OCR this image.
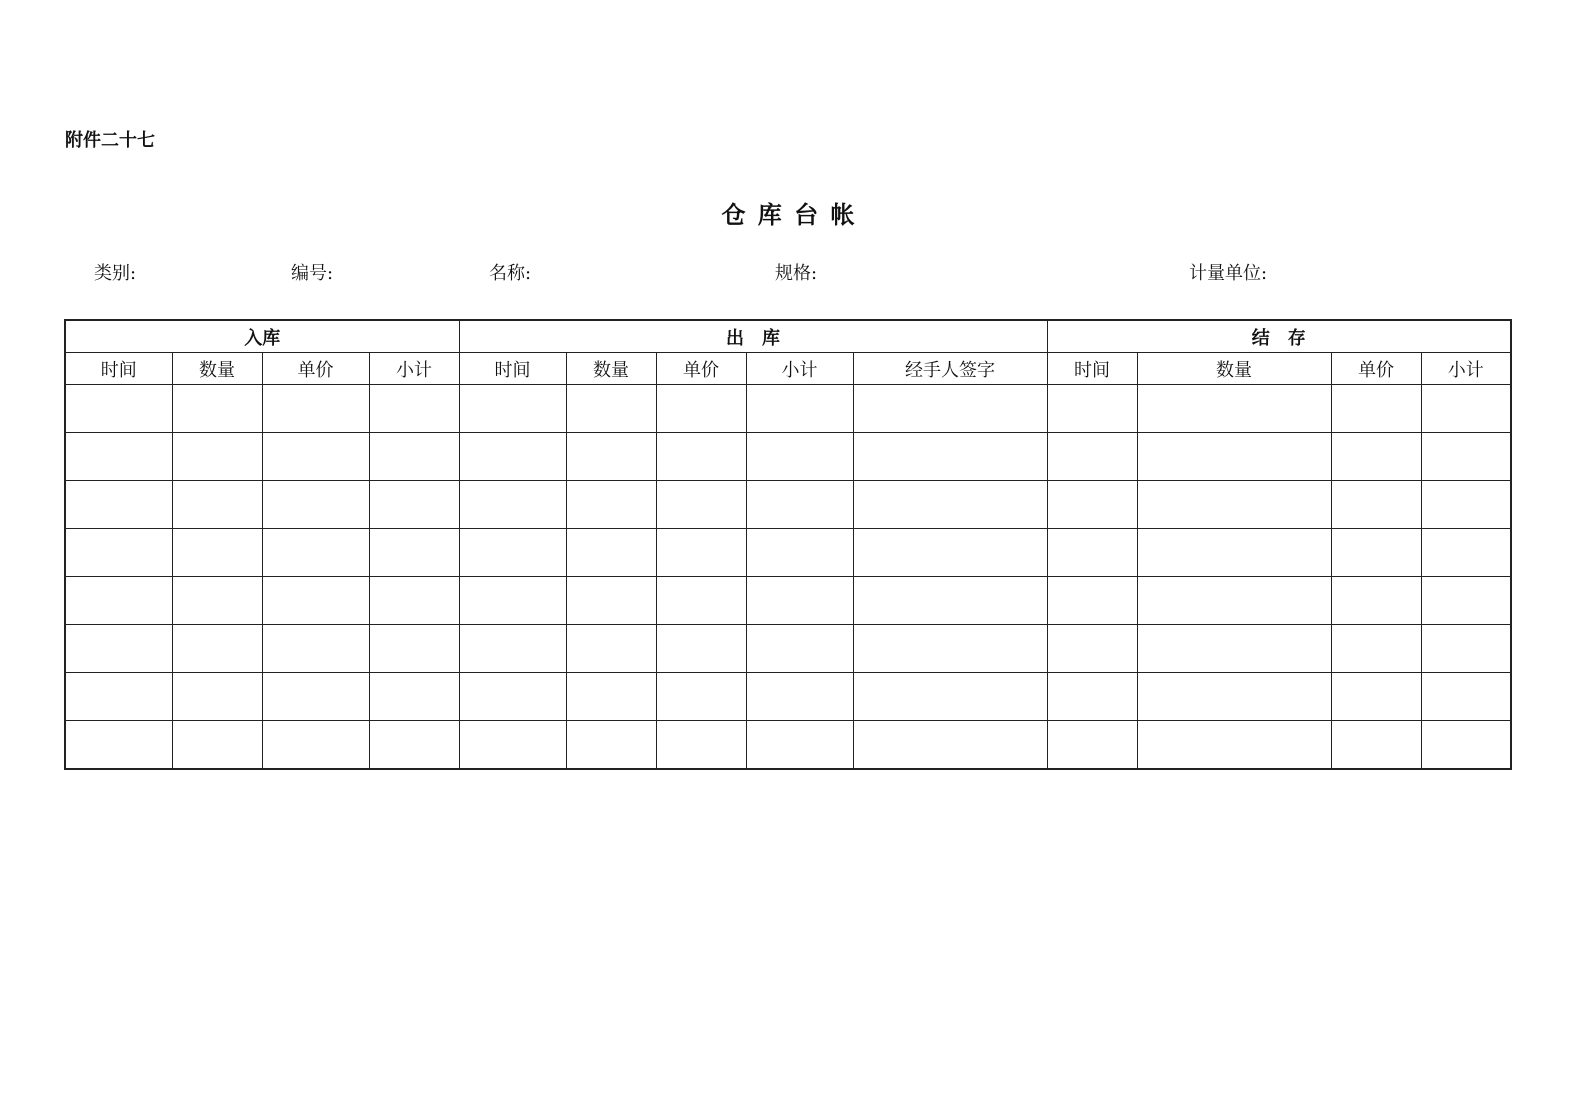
附件二十七
仓 库 台 帐
类别:	编号:	名称:	规格:	计量单位:
入库				出　库					结　存			
时间	数量	单价	小计	时间	数量	单价	小计	经手人签字	时间	数量	单价	小计
